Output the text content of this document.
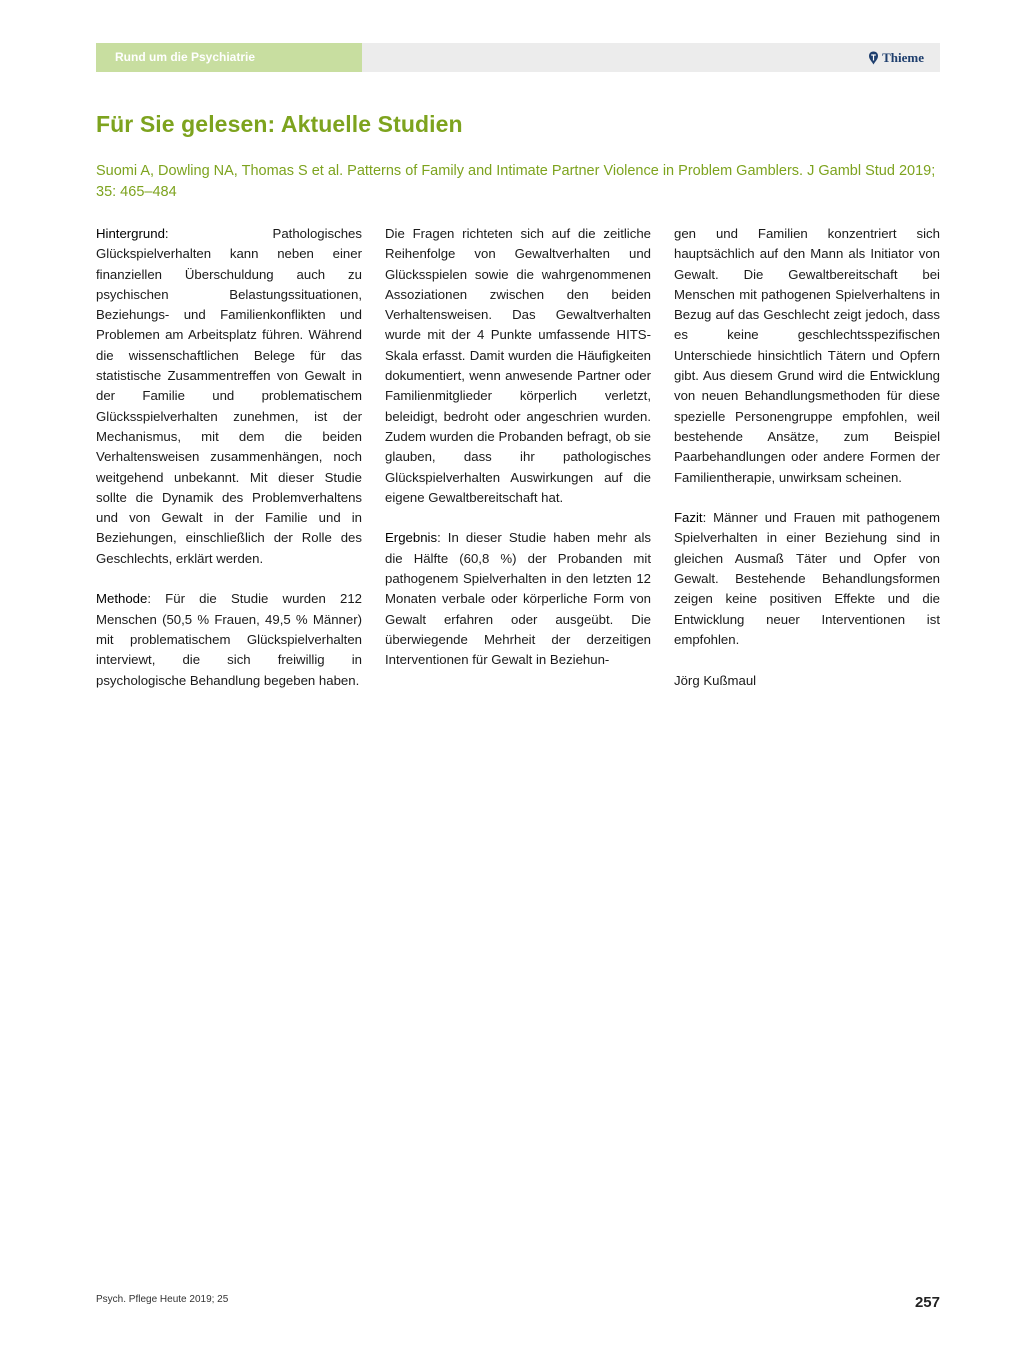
Rund um die Psychiatrie	Thieme
Für Sie gelesen: Aktuelle Studien

Suomi A, Dowling NA, Thomas S et al. Patterns of Family and Intimate Partner Violence in Problem Gamblers. J Gambl Stud 2019; 35: 465–484

Hintergrund: Pathologisches Glückspielverhalten kann neben einer finanziellen Überschuldung auch zu psychischen Belastungssituationen, Beziehungs- und Familienkonflikten und Problemen am Arbeitsplatz führen. Während die wissenschaftlichen Belege für das statistische Zusammentreffen von Gewalt in der Familie und problematischem Glücksspielverhalten zunehmen, ist der Mechanismus, mit dem die beiden Verhaltensweisen zusammenhängen, noch weitgehend unbekannt. Mit dieser Studie sollte die Dynamik des Problemverhaltens und von Gewalt in der Familie und in Beziehungen, einschließlich der Rolle des Geschlechts, erklärt werden.

Methode: Für die Studie wurden 212 Menschen (50,5 % Frauen, 49,5 % Männer) mit problematischem Glückspielverhalten interviewt, die sich freiwillig in psychologische Behandlung begeben haben.

Die Fragen richteten sich auf die zeitliche Reihenfolge von Gewaltverhalten und Glücksspielen sowie die wahrgenommenen Assoziationen zwischen den beiden Verhaltensweisen. Das Gewaltverhalten wurde mit der 4 Punkte umfassende HITS-Skala erfasst. Damit wurden die Häufigkeiten dokumentiert, wenn anwesende Partner oder Familienmitglieder körperlich verletzt, beleidigt, bedroht oder angeschrien wurden. Zudem wurden die Probanden befragt, ob sie glauben, dass ihr pathologisches Glückspielverhalten Auswirkungen auf die eigene Gewaltbereitschaft hat.

Ergebnis: In dieser Studie haben mehr als die Hälfte (60,8 %) der Probanden mit pathogenem Spielverhalten in den letzten 12 Monaten verbale oder körperliche Form von Gewalt erfahren oder ausgeübt. Die überwiegende Mehrheit der derzeitigen Interventionen für Gewalt in Beziehun-

gen und Familien konzentriert sich hauptsächlich auf den Mann als Initiator von Gewalt. Die Gewaltbereitschaft bei Menschen mit pathogenen Spielverhaltens in Bezug auf das Geschlecht zeigt jedoch, dass es keine geschlechtsspezifischen Unterschiede hinsichtlich Tätern und Opfern gibt. Aus diesem Grund wird die Entwicklung von neuen Behandlungsmethoden für diese spezielle Personengruppe empfohlen, weil bestehende Ansätze, zum Beispiel Paarbehandlungen oder andere Formen der Familientherapie, unwirksam scheinen.

Fazit: Männer und Frauen mit pathogenem Spielverhalten in einer Beziehung sind in gleichen Ausmaß Täter und Opfer von Gewalt. Bestehende Behandlungsformen zeigen keine positiven Effekte und die Entwicklung neuer Interventionen ist empfohlen.

Jörg Kußmaul

Psych. Pflege Heute 2019; 25	257
